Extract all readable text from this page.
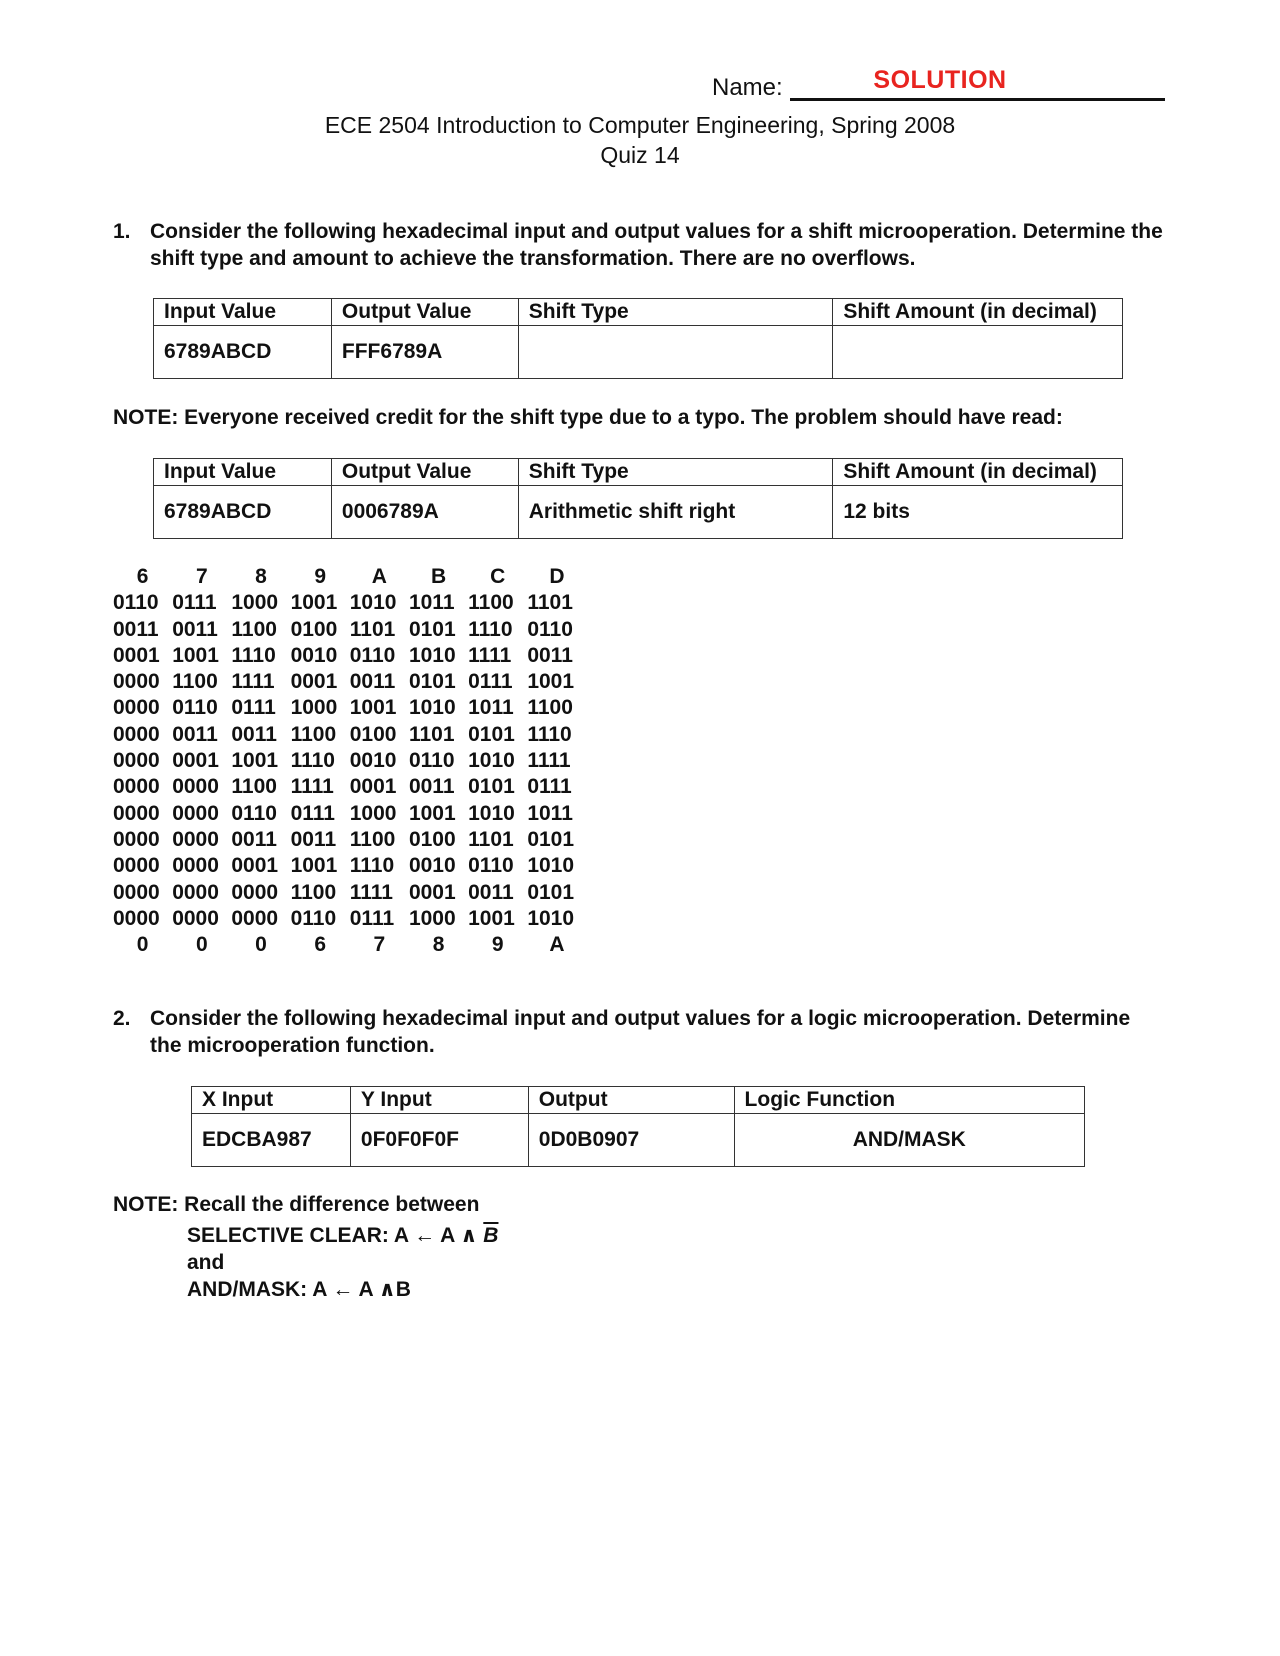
Name:	SOLUTION
ECE 2504 Introduction to Computer Engineering, Spring 2008
Quiz 14
1. Consider the following hexadecimal input and output values for a shift microoperation. Determine the shift type and amount to achieve the transformation. There are no overflows.
Input Value	Output Value	Shift Type	Shift Amount (in decimal)
6789ABCD	FFF6789A		
NOTE: Everyone received credit for the shift type due to a typo. The problem should have read:
Input Value	Output Value	Shift Type	Shift Amount (in decimal)
6789ABCD	0006789A	Arithmetic shift right	12 bits
6 7 8 9 A B C D
0110 0111 1000 1001 1010 1011 1100 1101
0011 0011 1100 0100 1101 0101 1110 0110
0001 1001 1110 0010 0110 1010 1111 0011
0000 1100 1111 0001 0011 0101 0111 1001
0000 0110 0111 1000 1001 1010 1011 1100
0000 0011 0011 1100 0100 1101 0101 1110
0000 0001 1001 1110 0010 0110 1010 1111
0000 0000 1100 1111 0001 0011 0101 0111
0000 0000 0110 0111 1000 1001 1010 1011
0000 0000 0011 0011 1100 0100 1101 0101
0000 0000 0001 1001 1110 0010 0110 1010
0000 0000 0000 1100 1111 0001 0011 0101
0000 0000 0000 0110 0111 1000 1001 1010
0 0 0 6 7 8 9 A
2. Consider the following hexadecimal input and output values for a logic microoperation. Determine the microoperation function.
X Input	Y Input	Output	Logic Function
EDCBA987	0F0F0F0F	0D0B0907	AND/MASK
NOTE: Recall the difference between
SELECTIVE CLEAR: A ← A ∧ $\overline{B}$
and
AND/MASK: A ← A ∧B
